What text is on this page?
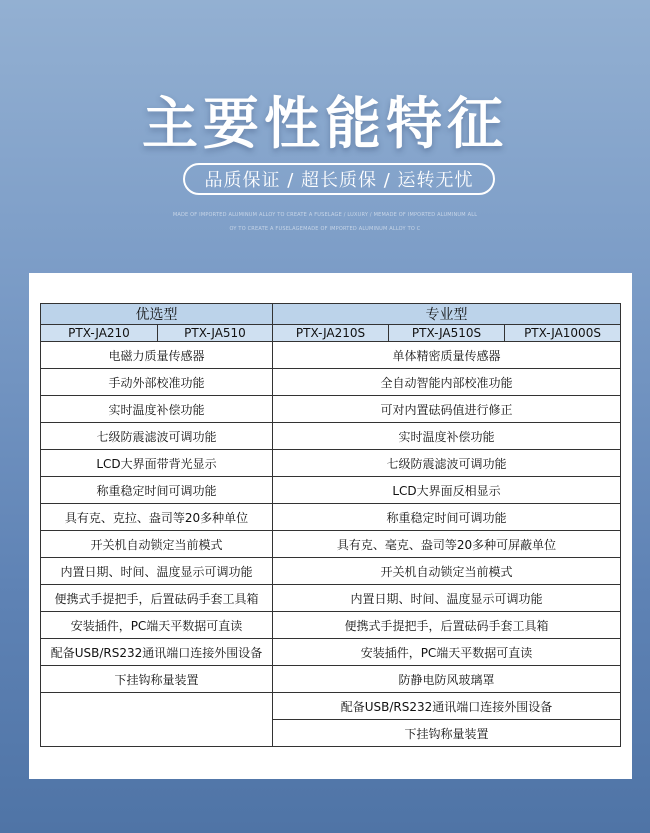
主要性能特征
品质保证 / 超长质保 / 运转无忧
MADE OF IMPORTED ALUMINUM ALLOY TO CREATE A FUSELAGE / LUXURY / MEMADE OF IMPORTED ALUMINUM ALL
OY TO CREATE A FUSELAGEMADE OF IMPORTED ALUMINUM ALLOY TO C
优选型		专业型		
PTX-JA210	PTX-JA510	PTX-JA210S	PTX-JA510S	PTX-JA1000S
电磁力质量传感器		单体精密质量传感器		
手动外部校准功能		全自动智能内部校准功能		
实时温度补偿功能		可对内置砝码值进行修正		
七级防震滤波可调功能		实时温度补偿功能		
LCD大界面带背光显示		七级防震滤波可调功能		
称重稳定时间可调功能		LCD大界面反相显示		
具有克、克拉、盎司等20多种单位		称重稳定时间可调功能		
开关机自动锁定当前模式		具有克、毫克、盎司等20多种可屏蔽单位		
内置日期、时间、温度显示可调功能		开关机自动锁定当前模式		
便携式手提把手，后置砝码手套工具箱		内置日期、时间、温度显示可调功能		
安装插件，PC端天平数据可直读		便携式手提把手，后置砝码手套工具箱		
配备USB/RS232通讯端口连接外围设备		安装插件，PC端天平数据可直读		
下挂钩称量装置		防静电防风玻璃罩		
		配备USB/RS232通讯端口连接外围设备		
		下挂钩称量装置		
